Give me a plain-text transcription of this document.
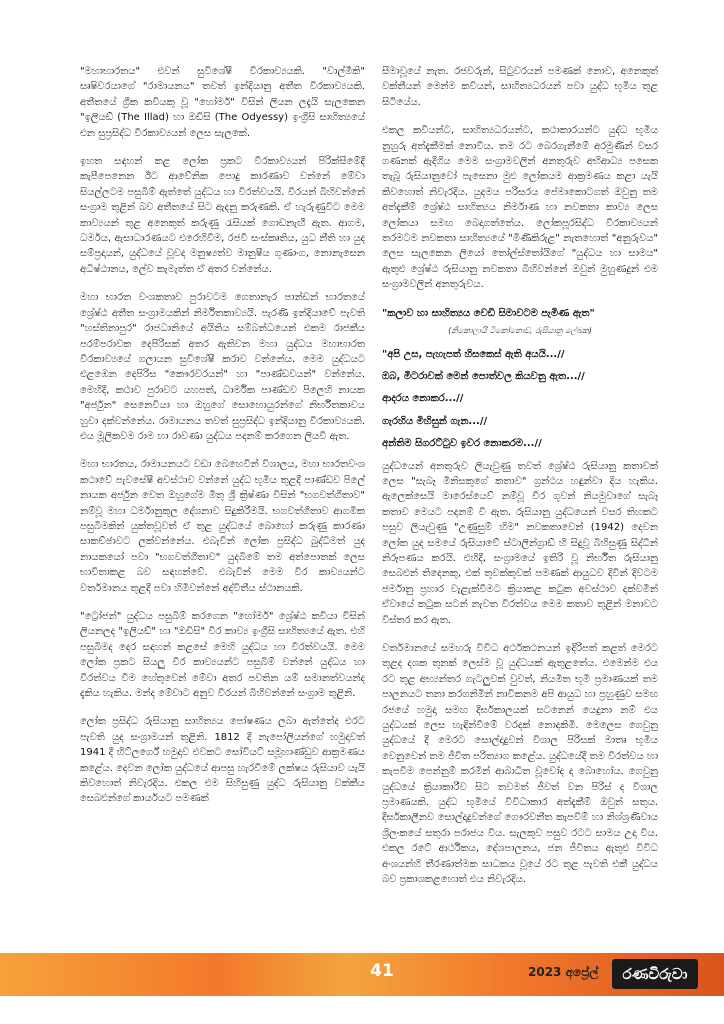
"මහාභාරතය" එවන් සුවිශේෂී වීරකාව්‍යයකි. "වාල්මීකි" සෘෂිවරයාගේ "රාමායනය" තවත් ඉන්දියානු අතීත වීරකාව්‍යයකි. අතීතයේ ග්‍රීක කවියකු වූ "හෝමර්" විසින් ලියන ලදැයි සැලකෙන "ඉලියඩ් (The Illad) හා ඔඩිසි (The Odyessy) ඉංග්‍රීසි සාහිත්‍යයේ එන සුප්‍රසිද්ධ වීරකාව්‍යයන් ලෙස සැලකේ.

ඉහත සඳහන් කළ ලෝක ප්‍රකට වීරකාව්‍යයන් පිරික්සීමේදී කැපීපෙනෙන ඊට ආවේනික පොදු කාරණාව වන්නේ මේවා සියල්ලටම පසුබිම් ඇත්තේ යුද්ධය හා විරත්වයයි. වීරයන් බිහිවන්නේ සංග්‍රාම තුළින් බව අතීතයේ සිට ඇදනු කරුණකි. ඒ හැරුණුවිට මෙම කාව්‍යයන් තුළ අනෙකුත් කරුණු රැසියක් ගොඩනැඟී ඇත. ආගම, ධර්මය, ඇසාධාරණයට එරෙහිවීම, රජවී සංස්කෘතිය, යුධ නීති හා යුද සම්ප්‍රදායන්, යුද්ධයේ වූවද මනුෂ්‍යත්ව මානුෂීය ගුණාංග, නොනැසෙන අධිෂ්ඨානය, ලේව කැමැත්ත ඒ අතර වන්නේය.

මහා භාරත වංශකතාව පුරාවටම ගෙතානැර පාන්ඩන් භාරතයේ ශ්‍රේෂ්ඨ අතීත සංග්‍රාමයකින් නිර්මිතකාව්‍යයි. පැරණි ඉන්දියාවේ පැවති "හස්තිනාපුර" රාජධානියේ අයිතිය සම්බන්ධයෙන් එකම රාජකීය පරම්පරාවක දෙපිරිසක් අතර ඇතිවන මහා යුද්ධය මහාභාරත වීරකාව්‍යයේ ගලායන සුවිශේෂී කරාව වන්නේය. මෙම යුද්ධයට එළඹෙන දෙපිරිස "කෞරවරයන්" හා "පාණ්ඩවයන්" වන්නේය. මෙහිදී, කථාව පුරාවට යහපත්, ධාර්මික පාණ්ඩව පිලෙහි නායක "අර්ජුන" සෙනෙවියා හා ඔහුගේ සොහොයුරන්ගේ නිර්භීතකාවය හුවා දක්වන්නේය. රාමායනය තවත් සුප්‍රසිද්ධ ඉන්දියානු වීරකාව්‍යයකි. එය මූලිකවම රාම හා රාවණා යුද්ධය පදනම් කරගෙන ලියවී ඇත.

මහා භාරතය, රාමායනයට වඩා බෙහෙවින් විශාලය, මහා භාරතවංශ කථාවේ පැවසේෂී අවස්ථාව වන්නේ යුද්ධ භූමිය තුළදී පාණ්ඩව පිලේ නායක අර්ජුන වෙත ඔහුගේම මිතු ශ්‍රී ක්‍රිෂ්ණා විසින් "භගවත්ගීතාව" නම්වූ මහා ධර්මානුකූල දේශනාව සිදුකිරීමයි. භගවත්ගීතාව ආගමික පසුබිමකින් යුක්තවූවත් ඒ තුළ යුද්ධයේ බොහෝ කරුණු කාරණා සාකච්ඡාවට ලක්වන්නේය. එබැවින් ලෝක ප්‍රසිද්ධ බුද්ධිමත් යුද නායකයෝ පවා "භගවත්ගීතාව" යුදබිමේ තම අත්පොතක් ලෙස භාවිතාකළ බව සඳහන්වේ. එබැවින් මෙම වීර කාව්‍යයන්ට වර්තමානය තුළදී පවා හිමිවන්නේ අද්විතීය ස්ථානයකි.

"ට්‍රෝජන්" යුද්ධය පසුබිම් කරගෙන "හෝමර්" ශ්‍රේෂ්ඨ කවියා විසින් ලියනලද "ඉලියඩ්" හා "ඔඩිසි" වීර කාව්‍ය ඉංග්‍රීසි සාහිත්‍යයේ ඇත. එහි පසුබිමද දෙර සඳහන් කළසේ මෙහි යුද්ධය හා වීරත්වයයි. මෙම ලෝක ප්‍රකට සියලු වීර කාව්‍යයන්ට පසුබිම් වන්නේ යුද්ධය හා වීරත්වය වීම හේතුවෙන් මේවා අතර පවතින යම් සමානත්වයන්ද දැකිය හැකිය. මන්ද මේවාට අනුව වීරයන් බිහිවන්නේ සංග්‍රාම තුළිනි.

ලෝක ප්‍රසිද්ධ රුසියානු සාහිත්‍යය පෝෂණය ලබා ඇත්තේද එරට පැවති යුද සංග්‍රාමයන් තුළිනි. 1812 දී නැපෝලියන්ගේ හමුදාවත් 1941 දී හිට්ලර්ගේ හමුදාව එවකට සෝවියට් සමූහාණ්ඩුව ආක්‍රමණය කළේය. දෙවන ලෝක යුද්ධයේ ආපසු හැරවීමේ ලක්ෂය රුසියාව යැයි කිවහොත් නිවැරදිය. එකල එම සිහිසුණු යුද්ධ රුසියානු වක්කීය සෙබළුන්ගේ කාර්යයට පමණක්

සීමාවූයේ නැත. රජවරුන්, සිටුවරයන් පමණක් නොව, අනෙකුත් වක්තීයන් මෙන්ම කවියන්, සාහිත්‍යධරයන් පවා යුද්ධ භූමිය තුළ සිටියේය.

එකල කවියන්ට, සාහිත්‍යධරයන්ට, කථාකාරයන්ට යුද්ධ භූමිය නුහුරු අත්දැකීමක් නොවීය. තම රට බෙරගැනීමේ අරමුණින් වසර ගණනක් ඇදීගිය මෙම සංග්‍රාමවලින් අනතුරුව අභිආධ්‍ය පසෙක තැබූ රුසියානුවෝ පැසෙනා මුළු ලෝකයම ආක්‍රමණය කළා යැයි කිවහොත් නිවැරදිය. යුදමය පරිසරය පේමාකොටගත් ඔවුනු තම අත්දැකීම් ශ්‍රේෂ්ඨ සාහිත්‍යය නිර්මාණ හා නවකතා කාව්‍ය ලෙස ලෝකයා සමඟ බෙදාගත්තේය. ලෝකපූරසිද්ධ වීරකාව්‍යයන් තරමටම නවකතා සාහිත්‍යයේ "මිණිකිරුළ" නැතහොත් "අනුරුවය" ලෙස සැලකෙන ලියෝ තෝල්ස්තෝයිගේ "යුද්ධය හා සාමය" ඇතුළු ශ්‍රේෂ්ඨ රුසියානු නවකතා බිහිවන්නේ ඔවුන් මුහුණදුන් එම සංග්‍රාමවලින් අනතුරුවය.

"කලාව හා සාහිත්‍යය වෙඩි සිමාවටම පැමිණ ඇත"
(නිකොලායි ටිකෝනොව්, රුසියානු ලේඛක)
"අපි උස, පැහැපත් හිසකෙස් ඇති අයයි...//
ඔබ, මීටරාවක් මෙන් පොත්වල කියවනු ඇත...//
ආදරය නොකර...//
ගැරහිය මිහිසුන් ගැන...//
අන්තිම සිගරට්ටුව ඉවර නොකරම...//

යුද්ධයෙන් අනතුරුව ලියැවුණු තවත් ශ්‍රේෂ්ඨ රුසියානු කතාවක් ලෙස "සැබෑ මිනිසකුගේ කතාව" ග්‍රන්ථය හඳුන්වා දිය හැකිය. ඇලෙක්සෙයි මාරෙස්යෙව් නම්වූ වීර ගුවන් නියමුවාගේ සැබෑ කතාව මෙයට පදනම් වී ඇත. රුසියානු යුද්ධයෙන් වසර තිහකට පසුව ලියැවුණු "උණුසුම් හිම" නවකතාවෙන් (1942) දෙවන ලෝක යුද සමයේ රුසියාවේ ස්ටාලින්ග්‍රාඩ් හි සිදුවූ බිහිසුණු සිද්ධීන් නිරූපණය කරයි. එහිදී, සංග්‍රාමයේ ඉතිරි වූ නිර්භීත රුසියානු සෙබළුන් තිදෙනකු, එක් තුවක්කුවක් පමණක් ආයුධව දිවින් දිවටම ජර්මානු ප්‍රහාර වැළැක්වීමට ක්‍රියාකළ කටුක අවස්ථාව දක්වමින් ඒවායේ කටුක සටන් නැවත විරත්වය මෙම කතාව තුළින් මනාවට විස්තර කර ඇත.

වර්තමානයේ සමහරු විවිධ අර්ථකථනයන් ඉදිරිපත් කළත් මෙරට තුළද දශක තුනක් ලෙස්ම වූ යුද්ධයක් ඇතුළතේය. එමෙන්ම එය රට තුළ අභ්‍යන්තර ගැටලුවක් වුවත්, නියමිත භූමි ප්‍රමාණයක් තම පාලනයට තනා කරගනිමින් නාවිකනම අපි ආයුධ හා ප්‍රහුණුව සමඟ රජයේ හමුදා සමඟ දීර්ඝකාලයක් සටනෙන් යෙදුනා නම් එය යුද්ධයක් ලෙස හැඳින්වීමේ වරදක් නොදකිමි. මෙලෙස ගෙවුනු යුද්ධයේ දී මෙරට සොල්දාදුවන් විශාල පිරිසක් මාතෘ භූමිය වෙනුවෙන් තම ජීවිත පරිත්‍යාග කළේය. යුද්ධයේදී තම වීරත්වය හා කැපවීම පෙන්නුම් කරමින් ආබාධිත වූවෝද ද බොහෝය. ගෙවුනු යුද්ධයේ ක්‍රියාකාරීව සිට තවමත් ජීවත් වන පිරිස් ද විශාල ප්‍රමාණයකි. යුද්ධ භූමියේ විවිධාකාර අත්දැකීම් ඔවුන් සතුය. දීර්ඝකාලීනව සොල්දාදුවන්ගේ ගෞරවනීත කැපවීම් හා නිශ්ශ්‍රණිවාය ශ්‍රිලංකයේ සතුරා පරාජය විය. සැලකුව පසුව රටට සාමය උදා විය. එකල රටේ ආර්ථිකය, දේශපාලනය, ජන ජීවිතය ඇතුළු විවිධ අංශයන්හි තීරණාත්මක සාධකය වූයේ රට තුළ පැවති එකී යුද්ධය බව ප්‍රකාශකළහොත් එය නිවැරදිය.

41	2023 අප්‍රේල්	රණවිරුවා
